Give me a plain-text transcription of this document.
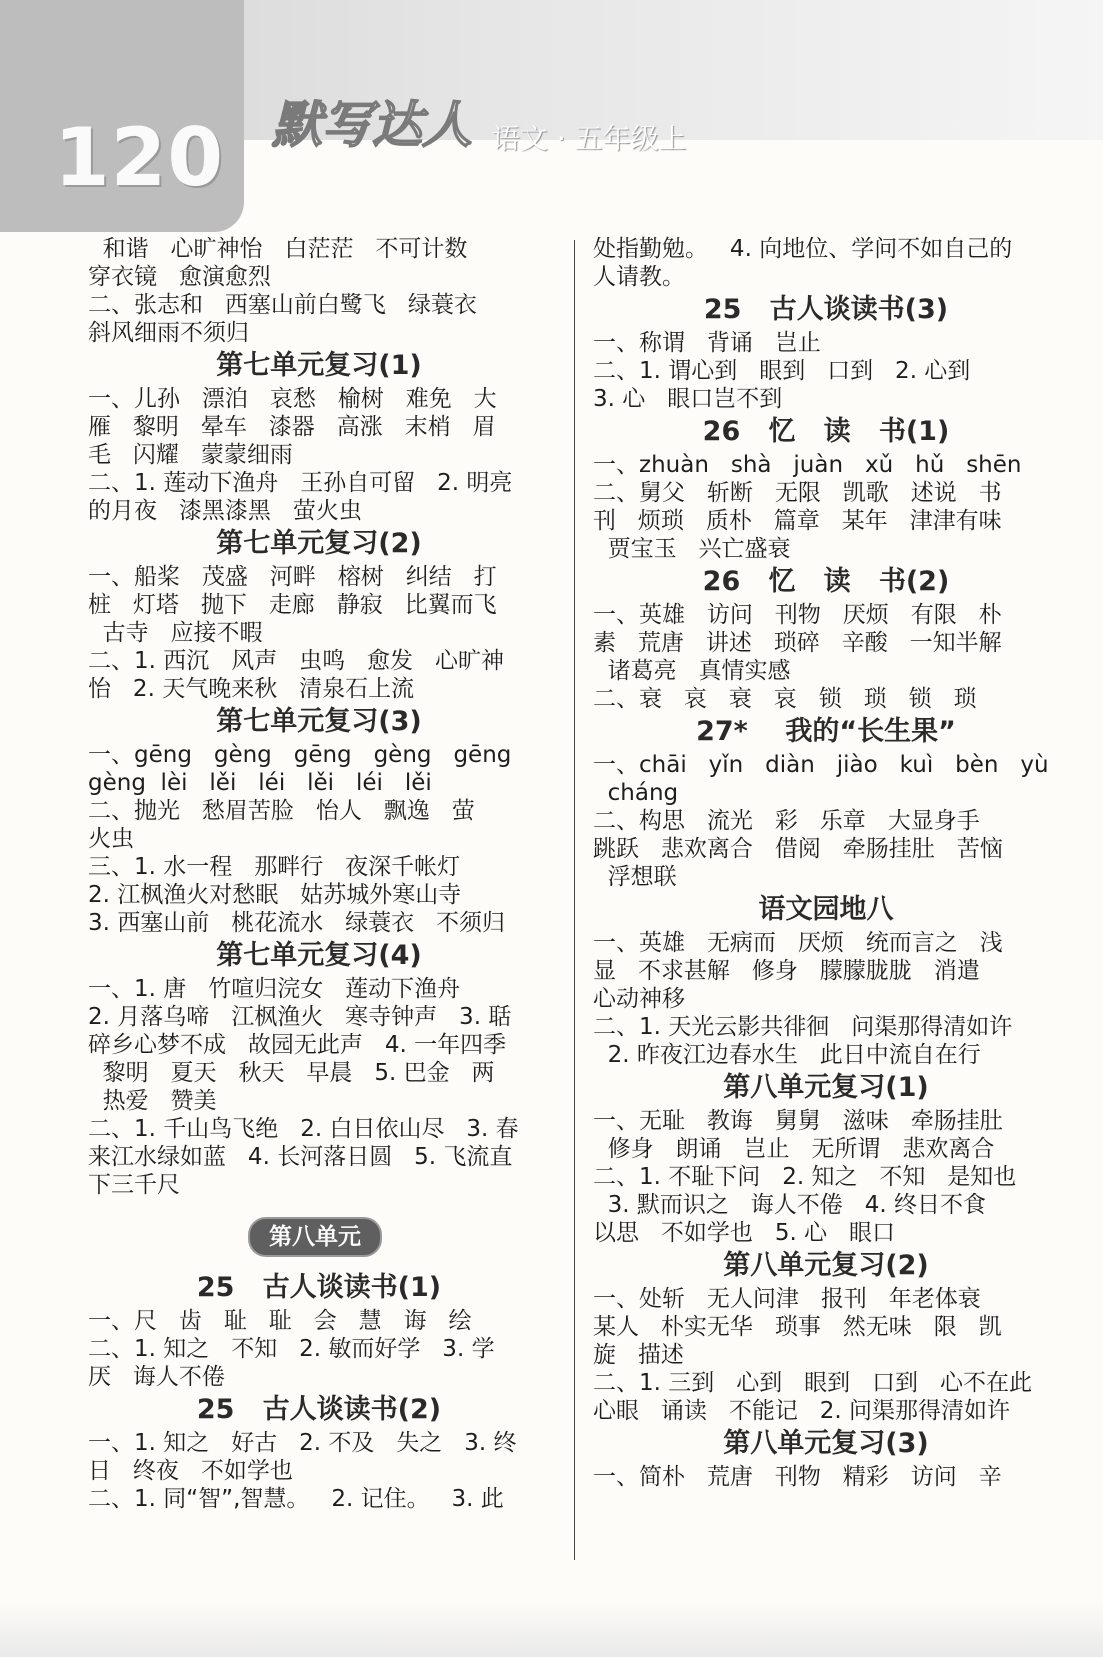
120 默写达人 语文 · 五年级上
和谐   心旷神怡   白茫茫   不可计数
穿衣镜   愈演愈烈
二、张志和   西塞山前白鹭飞   绿蓑衣
斜风细雨不须归
第七单元复习(1)
一、儿孙   漂泊   哀愁   榆树   难免   大
雁   黎明   晕车   漆器   高涨   末梢   眉
毛   闪耀   蒙蒙细雨
二、1. 莲动下渔舟   王孙自可留   2. 明亮
的月夜   漆黑漆黑   萤火虫
第七单元复习(2)
一、船桨   茂盛   河畔   榕树   纠结   打
桩   灯塔   抛下   走廊   静寂   比翼而飞
古寺   应接不暇
二、1. 西沉   风声   虫鸣   愈发   心旷神
怡   2. 天气晚来秋   清泉石上流
第七单元复习(3)
一、gēng   gèng   gēng   gèng   gēng
gèng  lèi   lěi   léi   lěi   léi   lěi
二、抛光   愁眉苦脸   怡人   飘逸   萤
火虫
三、1. 水一程   那畔行   夜深千帐灯
2. 江枫渔火对愁眠   姑苏城外寒山寺
3. 西塞山前   桃花流水   绿蓑衣   不须归
第七单元复习(4)
一、1. 唐   竹喧归浣女   莲动下渔舟
2. 月落乌啼   江枫渔火   寒寺钟声   3. 聒
碎乡心梦不成   故园无此声   4. 一年四季
黎明   夏天   秋天   早晨   5. 巴金   两
热爱   赞美
二、1. 千山鸟飞绝   2. 白日依山尽   3. 春
来江水绿如蓝   4. 长河落日圆   5. 飞流直
下三千尺
第八单元
25   古人谈读书(1)
一、尺   齿   耻   耻   会   慧   诲   绘
二、1. 知之   不知   2. 敏而好学   3. 学
厌   诲人不倦
25   古人谈读书(2)
一、1. 知之   好古   2. 不及   失之   3. 终
日   终夜   不如学也
二、1. 同“智”,智慧。   2. 记住。   3. 此
处指勤勉。   4. 向地位、学问不如自己的
人请教。
25   古人谈读书(3)
一、称谓   背诵   岂止
二、1. 谓心到   眼到   口到   2. 心到
3. 心   眼口岂不到
26   忆   读   书(1)
一、zhuàn   shà   juàn   xǔ   hǔ   shēn
二、舅父   斩断   无限   凯歌   述说   书
刊   烦琐   质朴   篇章   某年   津津有味
贾宝玉   兴亡盛衰
26   忆   读   书(2)
一、英雄   访问   刊物   厌烦   有限   朴
素   荒唐   讲述   琐碎   辛酸   一知半解
诸葛亮   真情实感
二、衰   哀   衰   哀   锁   琐   锁   琐
27*    我的“长生果”
一、chāi   yǐn   diàn   jiào   kuì   bèn   yù
cháng
二、构思   流光   彩   乐章   大显身手
跳跃   悲欢离合   借阅   牵肠挂肚   苦恼
浮想联
语文园地八
一、英雄   无病而   厌烦   统而言之   浅
显   不求甚解   修身   朦朦胧胧   消遣
心动神移
二、1. 天光云影共徘徊   问渠那得清如许
2. 昨夜江边春水生   此日中流自在行
第八单元复习(1)
一、无耻   教诲   舅舅   滋味   牵肠挂肚
修身   朗诵   岂止   无所谓   悲欢离合
二、1. 不耻下问   2. 知之   不知   是知也
3. 默而识之   诲人不倦   4. 终日不食
以思   不如学也   5. 心   眼口
第八单元复习(2)
一、处斩   无人问津   报刊   年老体衰
某人   朴实无华   琐事   然无味   限   凯
旋   描述
二、1. 三到   心到   眼到   口到   心不在此
心眼   诵读   不能记   2. 问渠那得清如许
第八单元复习(3)
一、简朴   荒唐   刊物   精彩   访问   辛
